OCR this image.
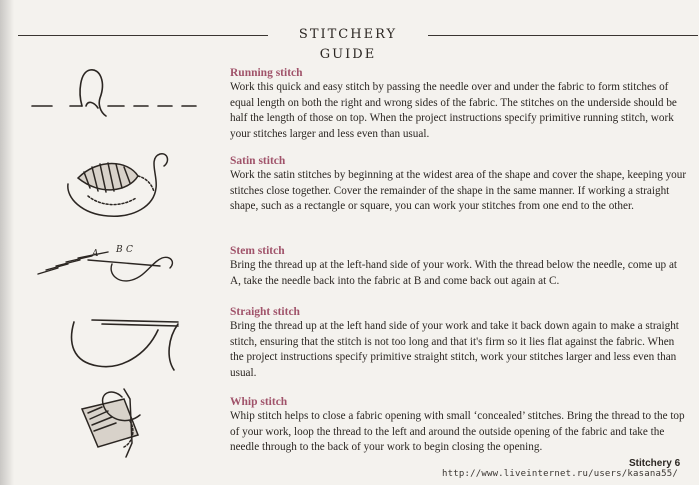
STITCHERY GUIDE
A B C

Running stitch

Work this quick and easy stitch by passing the needle over and under the fabric to form stitches of equal length on both the right and wrong sides of the fabric. The stitches on the underside should be half the length of those on top. When the project instructions specify primitive running stitch, work your stitches larger and less even than usual.

Satin stitch

Work the satin stitches by beginning at the widest area of the shape and cover the shape, keeping your stitches close together. Cover the remainder of the shape in the same manner. If working a straight shape, such as a rectangle or square, you can work your stitches from one end to the other.

Stem stitch

Bring the thread up at the left-hand side of your work. With the thread below the needle, come up at A, take the needle back into the fabric at B and come back out again at C.

Straight stitch

Bring the thread up at the left hand side of your work and take it back down again to make a straight stitch, ensuring that the stitch is not too long and that it's firm so it lies flat against the fabric. When the project instructions specify primitive straight stitch, work your stitches larger and less even than usual.

Whip stitch

Whip stitch helps to close a fabric opening with small ‘concealed’ stitches. Bring the thread to the top of your work, loop the thread to the left and around the outside opening of the fabric and take the needle through to the back of your work to begin closing the opening.

Stitchery 6
http://www.liveinternet.ru/users/kasana55/
